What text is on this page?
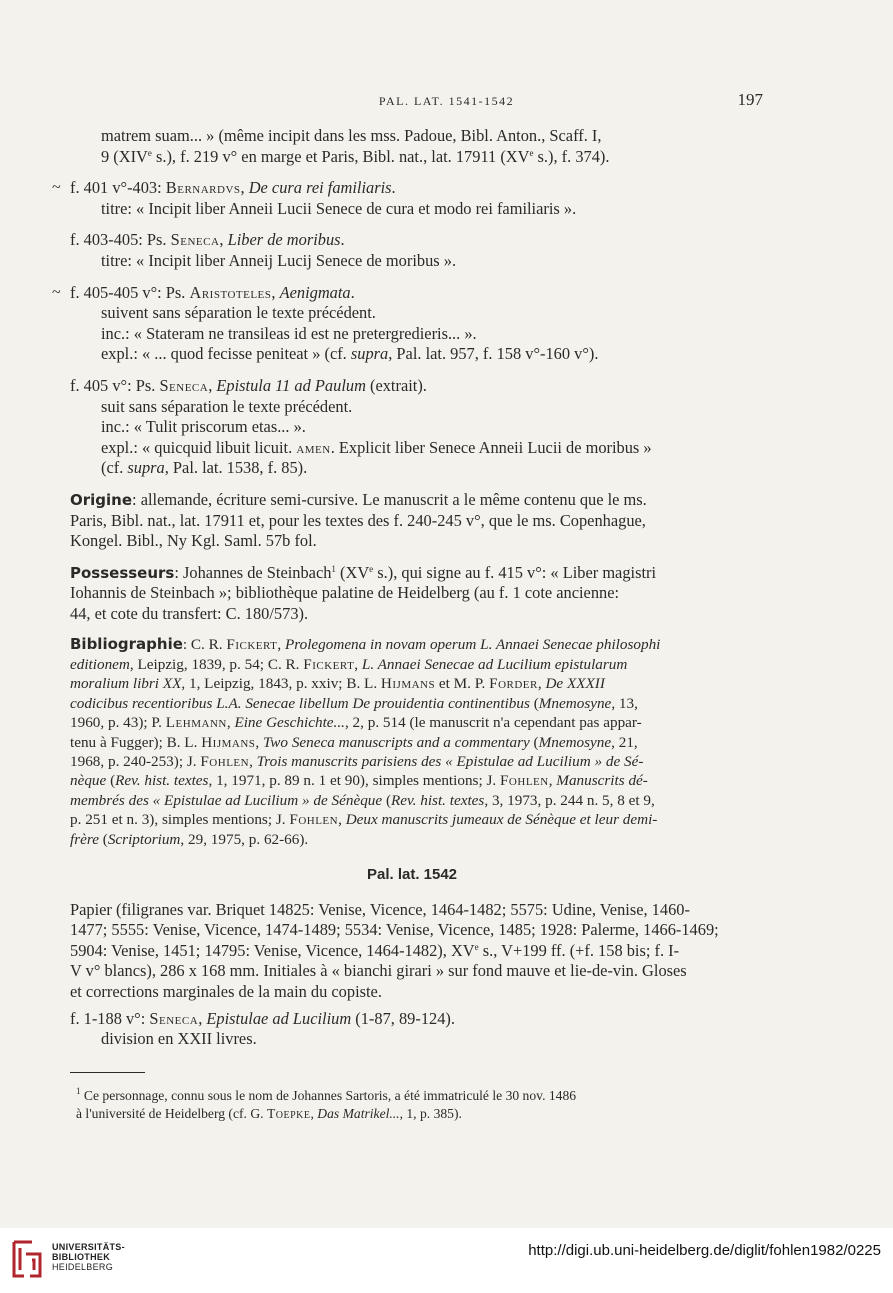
PAL. LAT. 1541-1542	197
matrem suam... » (même incipit dans les mss. Padoue, Bibl. Anton., Scaff. I,
9 (XIVe s.), f. 219 v° en marge et Paris, Bibl. nat., lat. 17911 (XVe s.), f. 374).
~ f. 401 v°-403: Bernardvs, De cura rei familiaris.
titre: « Incipit liber Anneii Lucii Senece de cura et modo rei familiaris ».
f. 403-405: Ps. Seneca, Liber de moribus.
titre: « Incipit liber Anneij Lucij Senece de moribus ».
~ f. 405-405 v°: Ps. Aristoteles, Aenigmata.
suivent sans séparation le texte précédent.
inc.: « Stateram ne transileas id est ne pretergredieris... ».
expl.: « ... quod fecisse peniteat » (cf. supra, Pal. lat. 957, f. 158 v°-160 v°).
f. 405 v°: Ps. Seneca, Epistula 11 ad Paulum (extrait).
suit sans séparation le texte précédent.
inc.: « Tulit priscorum etas... ».
expl.: « quicquid libuit licuit. amen. Explicit liber Senece Anneii Lucii de moribus »
(cf. supra, Pal. lat. 1538, f. 85).
Origine: allemande, écriture semi-cursive. Le manuscrit a le même contenu que le ms.
Paris, Bibl. nat., lat. 17911 et, pour les textes des f. 240-245 v°, que le ms. Copenhague,
Kongel. Bibl., Ny Kgl. Saml. 57b fol.
Possesseurs: Johannes de Steinbach$^1$ (XVe s.), qui signe au f. 415 v°: « Liber magistri
Iohannis de Steinbach »; bibliothèque palatine de Heidelberg (au f. 1 cote ancienne:
44, et cote du transfert: C. 180/573).
Bibliographie: C. R. Fickert, Prolegomena in novam operum L. Annaei Senecae philosophi
editionem, Leipzig, 1839, p. 54; C. R. Fickert, L. Annaei Senecae ad Lucilium epistularum
moralium libri XX, 1, Leipzig, 1843, p. xxiv; B. L. Hijmans et M. P. Forder, De XXXII
codicibus recentioribus L.A. Senecae libellum De prouidentia continentibus (Mnemosyne, 13,
1960, p. 43); P. Lehmann, Eine Geschichte..., 2, p. 514 (le manuscrit n'a cependant pas appar-
tenu à Fugger); B. L. Hijmans, Two Seneca manuscripts and a commentary (Mnemosyne, 21,
1968, p. 240-253); J. Fohlen, Trois manuscrits parisiens des « Epistulae ad Lucilium » de Sé-
nèque (Rev. hist. textes, 1, 1971, p. 89 n. 1 et 90), simples mentions; J. Fohlen, Manuscrits dé-
membrés des « Epistulae ad Lucilium » de Sénèque (Rev. hist. textes, 3, 1973, p. 244 n. 5, 8 et 9,
p. 251 et n. 3), simples mentions; J. Fohlen, Deux manuscrits jumeaux de Sénèque et leur demi-
frère (Scriptorium, 29, 1975, p. 62-66).
Pal. lat. 1542
Papier (filigranes var. Briquet 14825: Venise, Vicence, 1464-1482; 5575: Udine, Venise, 1460-
1477; 5555: Venise, Vicence, 1474-1489; 5534: Venise, Vicence, 1485; 1928: Palerme, 1466-1469;
5904: Venise, 1451; 14795: Venise, Vicence, 1464-1482), XVe s., V+199 ff. (+f. 158 bis; f. I-
V v° blancs), 286 x 168 mm. Initiales à « bianchi girari » sur fond mauve et lie-de-vin. Gloses
et corrections marginales de la main du copiste.
f. 1-188 v°: Seneca, Epistulae ad Lucilium (1-87, 89-124).
division en XXII livres.
$^1$ Ce personnage, connu sous le nom de Johannes Sartoris, a été immatriculé le 30 nov. 1486
à l'université de Heidelberg (cf. G. Toepke, Das Matrikel..., 1, p. 385).
UNIVERSITÄTS-
BIBLIOTHEK
HEIDELBERG
http://digi.ub.uni-heidelberg.de/diglit/fohlen1982/0225
